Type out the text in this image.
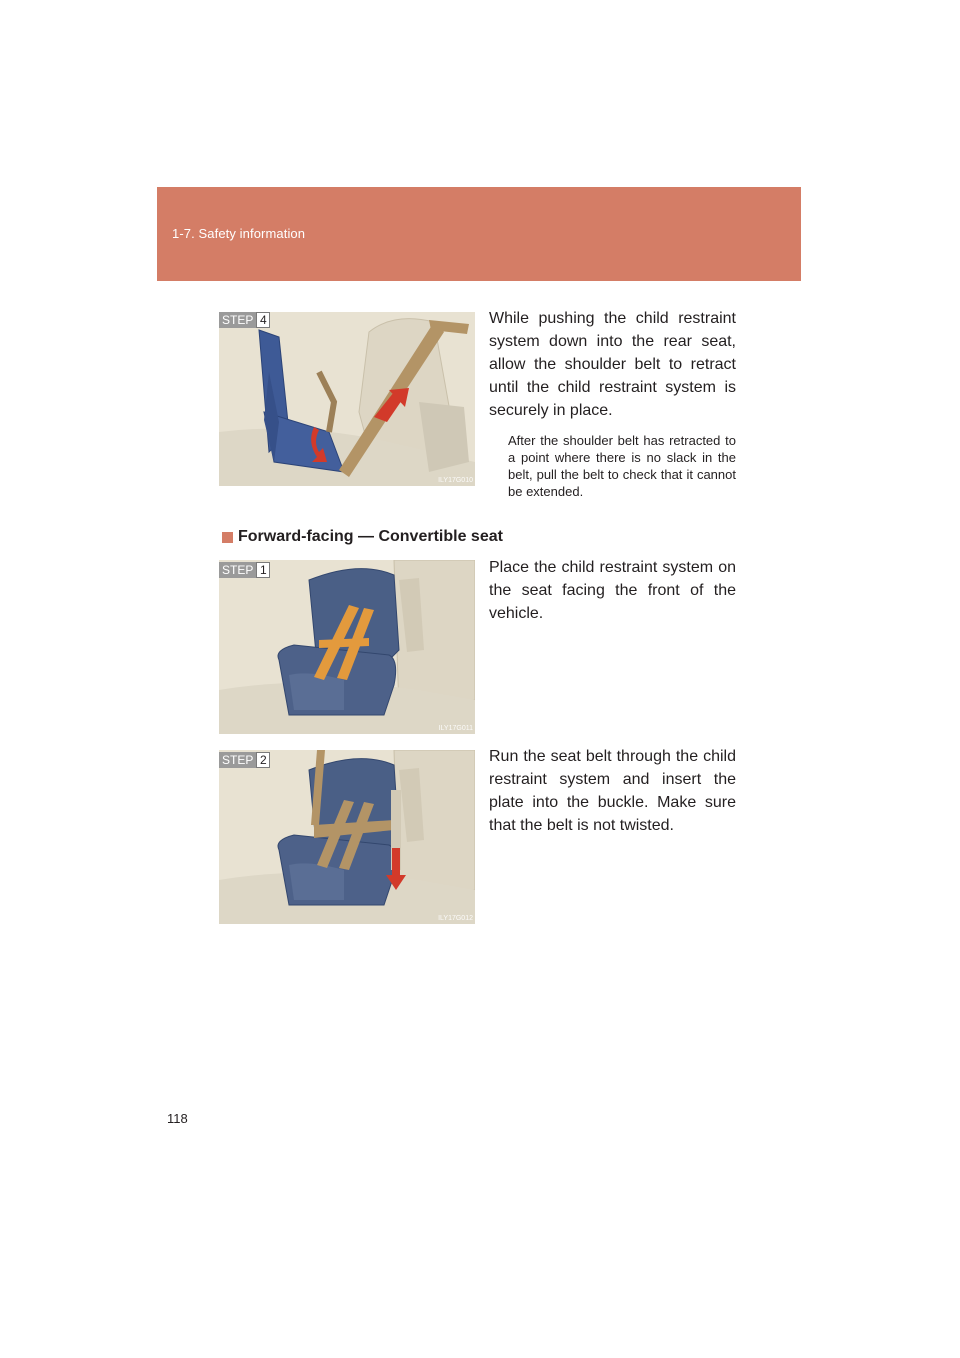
1-7. Safety information
ILY17G010
STEP 4	While pushing the child restraint system down into the rear seat, allow the shoulder belt to retract until the child restraint system is securely in place.
After the shoulder belt has retracted to a point where there is no slack in the belt, pull the belt to check that it cannot be extended.
Forward-facing — Convertible seat
ILY17G011
STEP 1	Place the child restraint system on the seat facing the front of the vehicle.
ILY17G012
STEP 2	Run the seat belt through the child restraint system and insert the plate into the buckle. Make sure that the belt is not twisted.
118
